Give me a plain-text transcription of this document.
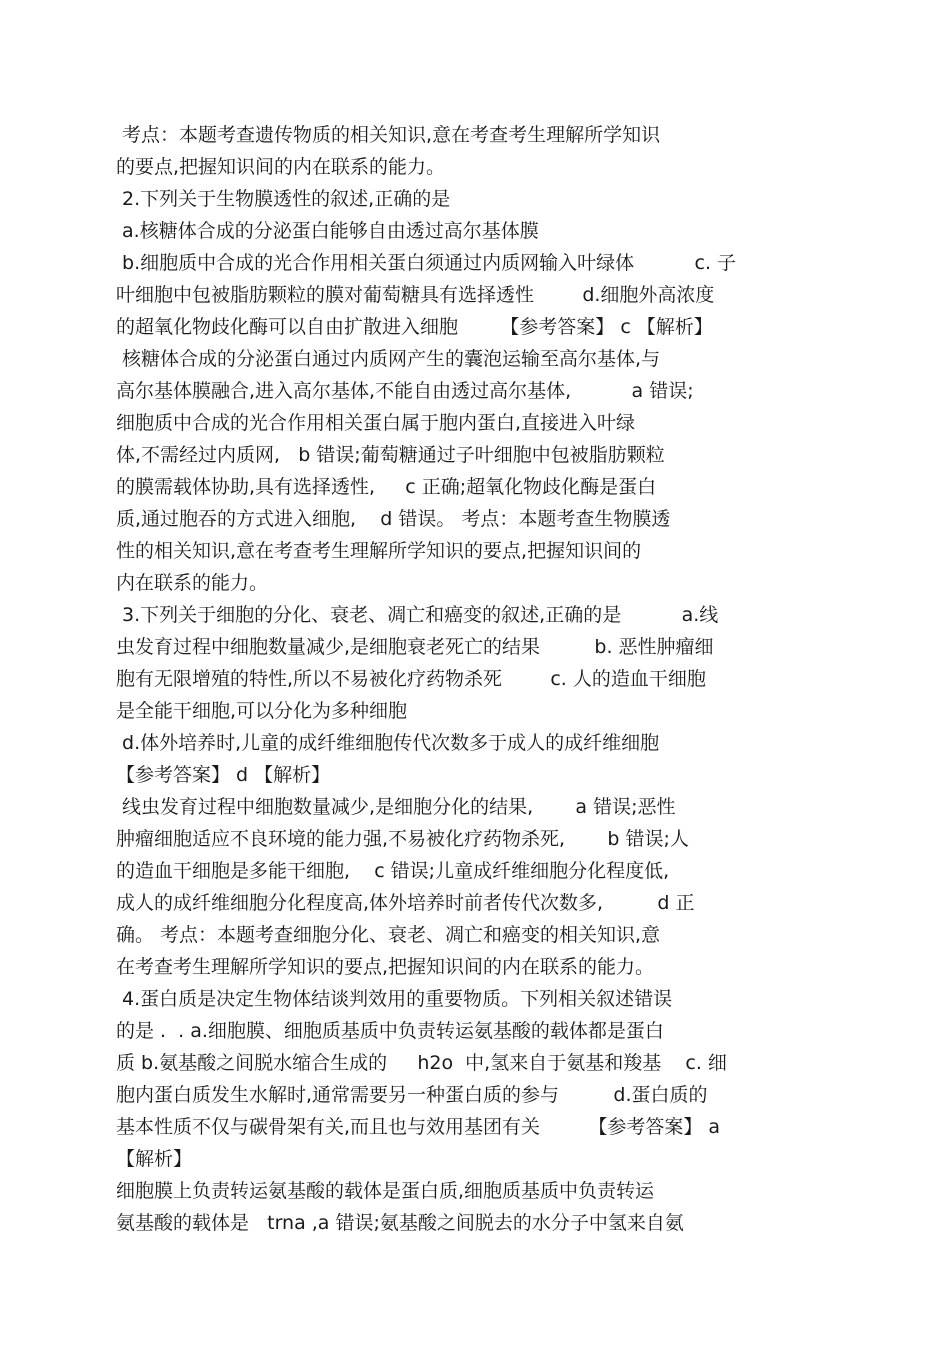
考点：本题考查遗传物质的相关知识,意在考查考生理解所学知识
的要点,把握知识间的内在联系的能力。
2.下列关于生物膜透性的叙述,正确的是
a.核糖体合成的分泌蛋白能够自由透过高尔基体膜
b.细胞质中合成的光合作用相关蛋白须通过内质网输入叶绿体          c. 子
叶细胞中包被脂肪颗粒的膜对葡萄糖具有选择透性        d.细胞外高浓度
的超氧化物歧化酶可以自由扩散进入细胞       【参考答案】 c 【解析】
核糖体合成的分泌蛋白通过内质网产生的囊泡运输至高尔基体,与
高尔基体膜融合,进入高尔基体,不能自由透过高尔基体,          a 错误;
细胞质中合成的光合作用相关蛋白属于胞内蛋白,直接进入叶绿
体,不需经过内质网,   b 错误;葡萄糖通过子叶细胞中包被脂肪颗粒
的膜需载体协助,具有选择透性,     c 正确;超氧化物歧化酶是蛋白
质,通过胞吞的方式进入细胞,    d 错误。 考点：本题考查生物膜透
性的相关知识,意在考查考生理解所学知识的要点,把握知识间的
内在联系的能力。
3.下列关于细胞的分化、衰老、凋亡和癌变的叙述,正确的是          a.线
虫发育过程中细胞数量减少,是细胞衰老死亡的结果         b. 恶性肿瘤细
胞有无限增殖的特性,所以不易被化疗药物杀死        c. 人的造血干细胞
是全能干细胞,可以分化为多种细胞
d.体外培养时,儿童的成纤维细胞传代次数多于成人的成纤维细胞
【参考答案】 d 【解析】
线虫发育过程中细胞数量减少,是细胞分化的结果,       a 错误;恶性
肿瘤细胞适应不良环境的能力强,不易被化疗药物杀死,       b 错误;人
的造血干细胞是多能干细胞,    c 错误;儿童成纤维细胞分化程度低,
成人的成纤维细胞分化程度高,体外培养时前者传代次数多,         d 正
确。 考点：本题考查细胞分化、衰老、凋亡和癌变的相关知识,意
在考查考生理解所学知识的要点,把握知识间的内在联系的能力。
4.蛋白质是决定生物体结谈判效用的重要物质。下列相关叙述错误
的是 .  . a.细胞膜、细胞质基质中负责转运氨基酸的载体都是蛋白
质 b.氨基酸之间脱水缩合生成的     h2o  中,氢来自于氨基和羧基    c. 细
胞内蛋白质发生水解时,通常需要另一种蛋白质的参与         d.蛋白质的
基本性质不仅与碳骨架有关,而且也与效用基团有关        【参考答案】 a
【解析】
细胞膜上负责转运氨基酸的载体是蛋白质,细胞质基质中负责转运
氨基酸的载体是   trna ,a 错误;氨基酸之间脱去的水分子中氢来自氨
